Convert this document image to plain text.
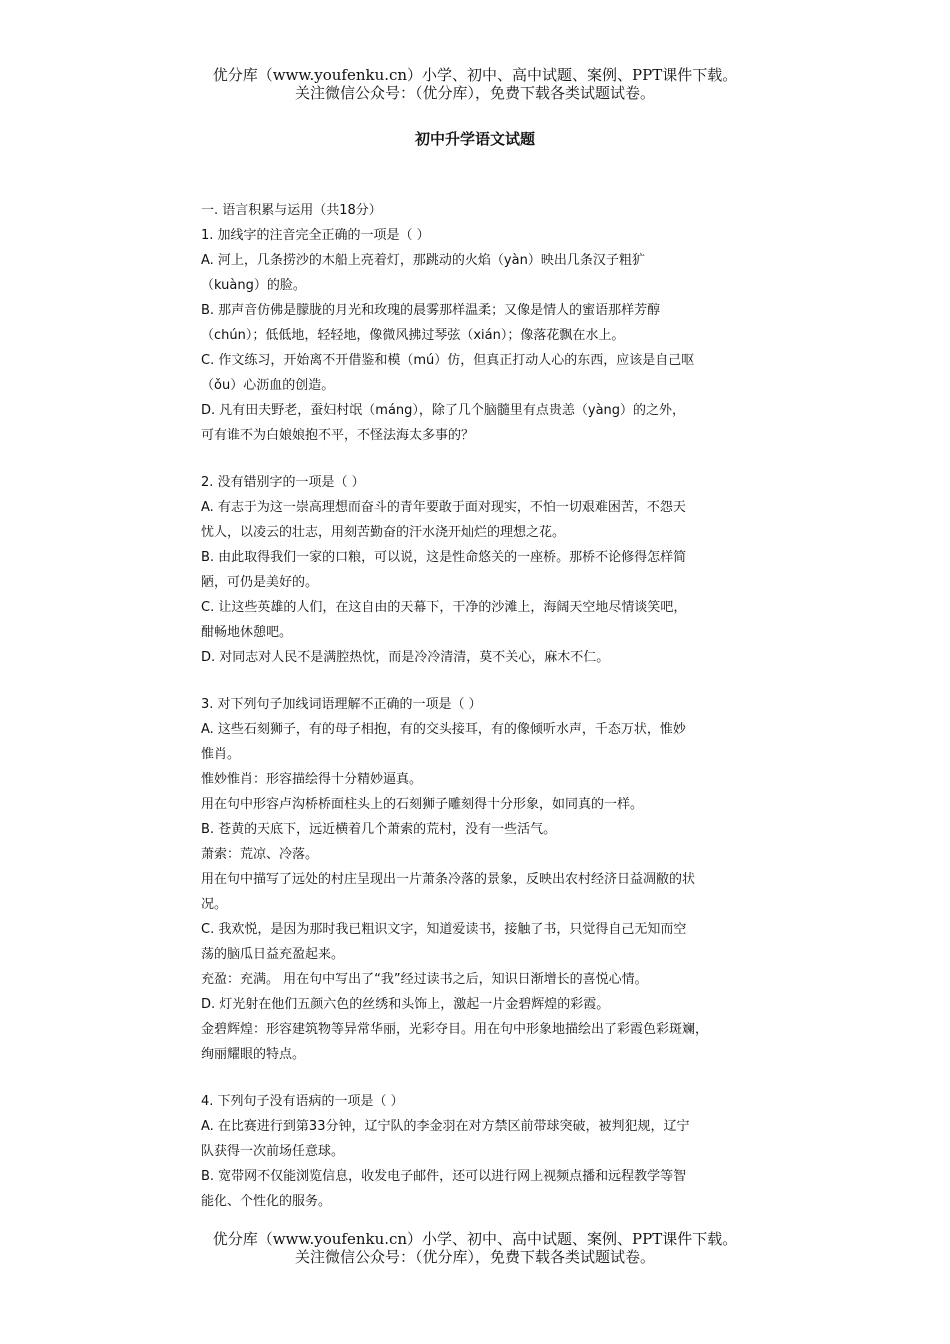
优分库（www.youfenku.cn）小学、初中、高中试题、案例、PPT课件下载。
关注微信公众号：（优分库），免费下载各类试题试卷。
初中升学语文试题
一. 语言积累与运用（共18分）
1. 加线字的注音完全正确的一项是（ ）
A. 河上，几条捞沙的木船上亮着灯，那跳动的火焰（yàn）映出几条汉子粗犷
（kuàng）的脸。
B. 那声音仿佛是朦胧的月光和玫瑰的晨雾那样温柔；又像是情人的蜜语那样芳醇
（chún）；低低地，轻轻地，像微风拂过琴弦（xián）；像落花飘在水上。
C. 作文练习，开始离不开借鉴和模（mú）仿，但真正打动人心的东西，应该是自己呕
（ǒu）心沥血的创造。
D. 凡有田夫野老，蚕妇村氓（máng），除了几个脑髓里有点贵恙（yàng）的之外，
可有谁不为白娘娘抱不平，不怪法海太多事的？
2. 没有错别字的一项是（ ）
A. 有志于为这一崇高理想而奋斗的青年要敢于面对现实，不怕一切艰难困苦，不怨天
忧人，以凌云的壮志，用刻苦勤奋的汗水浇开灿烂的理想之花。
B. 由此取得我们一家的口粮，可以说，这是性命悠关的一座桥。那桥不论修得怎样简
陋，可仍是美好的。
C. 让这些英雄的人们，在这自由的天幕下，干净的沙滩上，海阔天空地尽情谈笑吧，
酣畅地休憩吧。
D. 对同志对人民不是满腔热忱，而是冷冷清清，莫不关心，麻木不仁。
3. 对下列句子加线词语理解不正确的一项是（ ）
A. 这些石刻狮子，有的母子相抱，有的交头接耳，有的像倾听水声，千态万状，惟妙
惟肖。
惟妙惟肖：形容描绘得十分精妙逼真。
用在句中形容卢沟桥桥面柱头上的石刻狮子雕刻得十分形象，如同真的一样。
B. 苍黄的天底下，远近横着几个萧索的荒村，没有一些活气。
萧索：荒凉、冷落。
用在句中描写了远处的村庄呈现出一片萧条冷落的景象，反映出农村经济日益凋敝的状
况。
C. 我欢悦，是因为那时我已粗识文字，知道爱读书，接触了书，只觉得自己无知而空
荡的脑瓜日益充盈起来。
充盈：充满。 用在句中写出了“我”经过读书之后，知识日渐增长的喜悦心情。
D. 灯光射在他们五颜六色的丝绣和头饰上，激起一片金碧辉煌的彩霞。
金碧辉煌：形容建筑物等异常华丽，光彩夺目。用在句中形象地描绘出了彩霞色彩斑斓，
绚丽耀眼的特点。
4. 下列句子没有语病的一项是（ ）
A. 在比赛进行到第33分钟，辽宁队的李金羽在对方禁区前带球突破，被判犯规，辽宁
队获得一次前场任意球。
B. 宽带网不仅能浏览信息，收发电子邮件，还可以进行网上视频点播和远程教学等智
能化、个性化的服务。
优分库（www.youfenku.cn）小学、初中、高中试题、案例、PPT课件下载。
关注微信公众号：（优分库），免费下载各类试题试卷。
